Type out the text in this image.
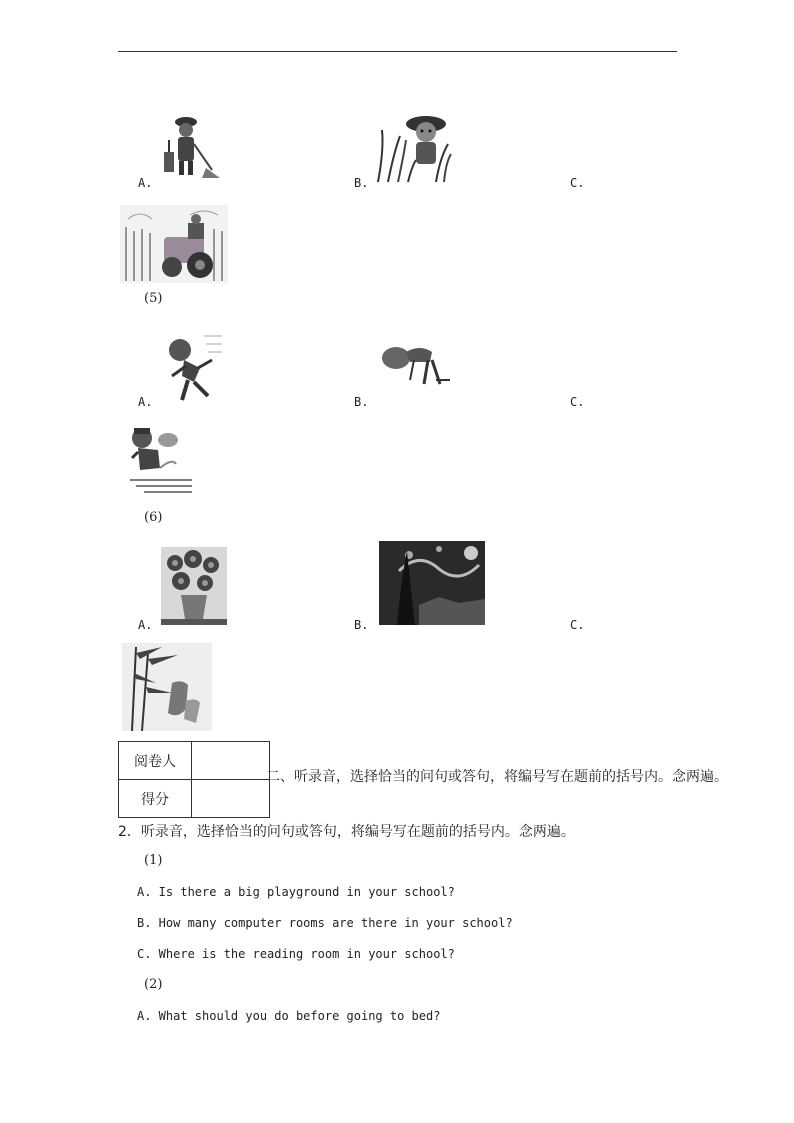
A.	B.	C.
(5)
A.	B.	C.
(6)
A.	B.	C.
阅卷人	
得分	
二、听录音，选择恰当的问句或答句，将编号写在题前的括号内。念两遍。
2．听录音，选择恰当的问句或答句，将编号写在题前的括号内。念两遍。
(1)
A. Is there a big playground in your school?
B. How many computer rooms are there in your school?
C. Where is the reading room in your school?
(2)
A. What should you do before going to bed?
